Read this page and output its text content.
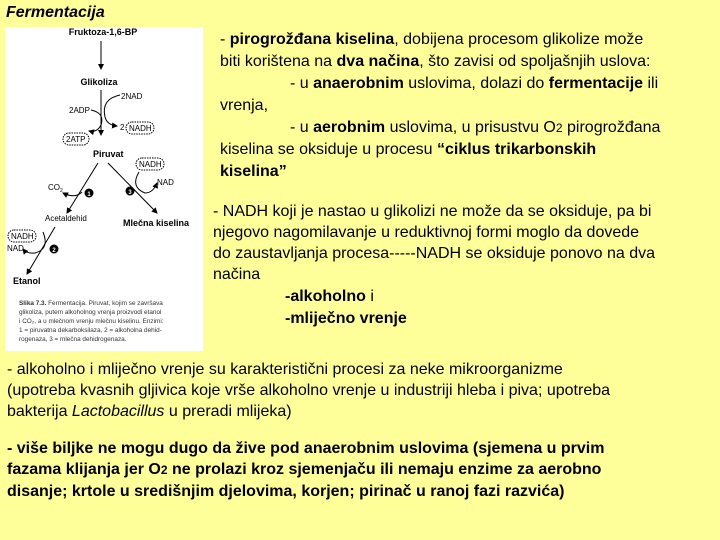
Fermentacija
Fruktoza-1,6-BP
Glikoliza
2NAD
2ADP
2 NADH
2ATP
Piruvat
NADH
NAD
$CO_2$
1	3
Acetaldehid	Mlečna kiselina
NADH
NAD	2
Etanol
Slika 7.3. Fermentacija. Piruvat, kojim se završava
glikoliza, putem alkoholnog vrenja proizvodi etanol
i CO₂, a u mlečnom vrenju mlečnu kiselinu. Enzimi:
1 = piruvatna dekarboksilaza, 2 = alkoholna dehid-
rogenaza, 3 = mlečna dehidrogenaza.
- pirogrožđana kiselina, dobijena procesom glikolize može
biti korištena na dva načina, što zavisi od spoljašnjih uslova:
- u anaerobnim uslovima, dolazi do fermentacije ili
vrenja,
- u aerobnim uslovima, u prisustvu O2 pirogrožđana
kiselina se oksiduje u procesu “ciklus trikarbonskih
kiselina”
- NADH koji je nastao u glikolizi ne može da se oksiduje, pa bi
njegovo nagomilavanje u reduktivnoj formi moglo da dovede
do zaustavljanja procesa-----NADH se oksiduje ponovo na dva
načina
-alkoholno i
-mliječno vrenje
- alkoholno i mliječno vrenje su karakteristični procesi za neke mikroorganizme
(upotreba kvasnih gljivica koje vrše alkoholno vrenje u industriji hleba i piva; upotreba
bakterija Lactobacillus u preradi mlijeka)
- više biljke ne mogu dugo da žive pod anaerobnim uslovima (sjemena u prvim
fazama klijanja jer O2 ne prolazi kroz sjemenjaču ili nemaju enzime za aerobno
disanje; krtole u središnjim djelovima, korjen; pirinač u ranoj fazi razvića)
